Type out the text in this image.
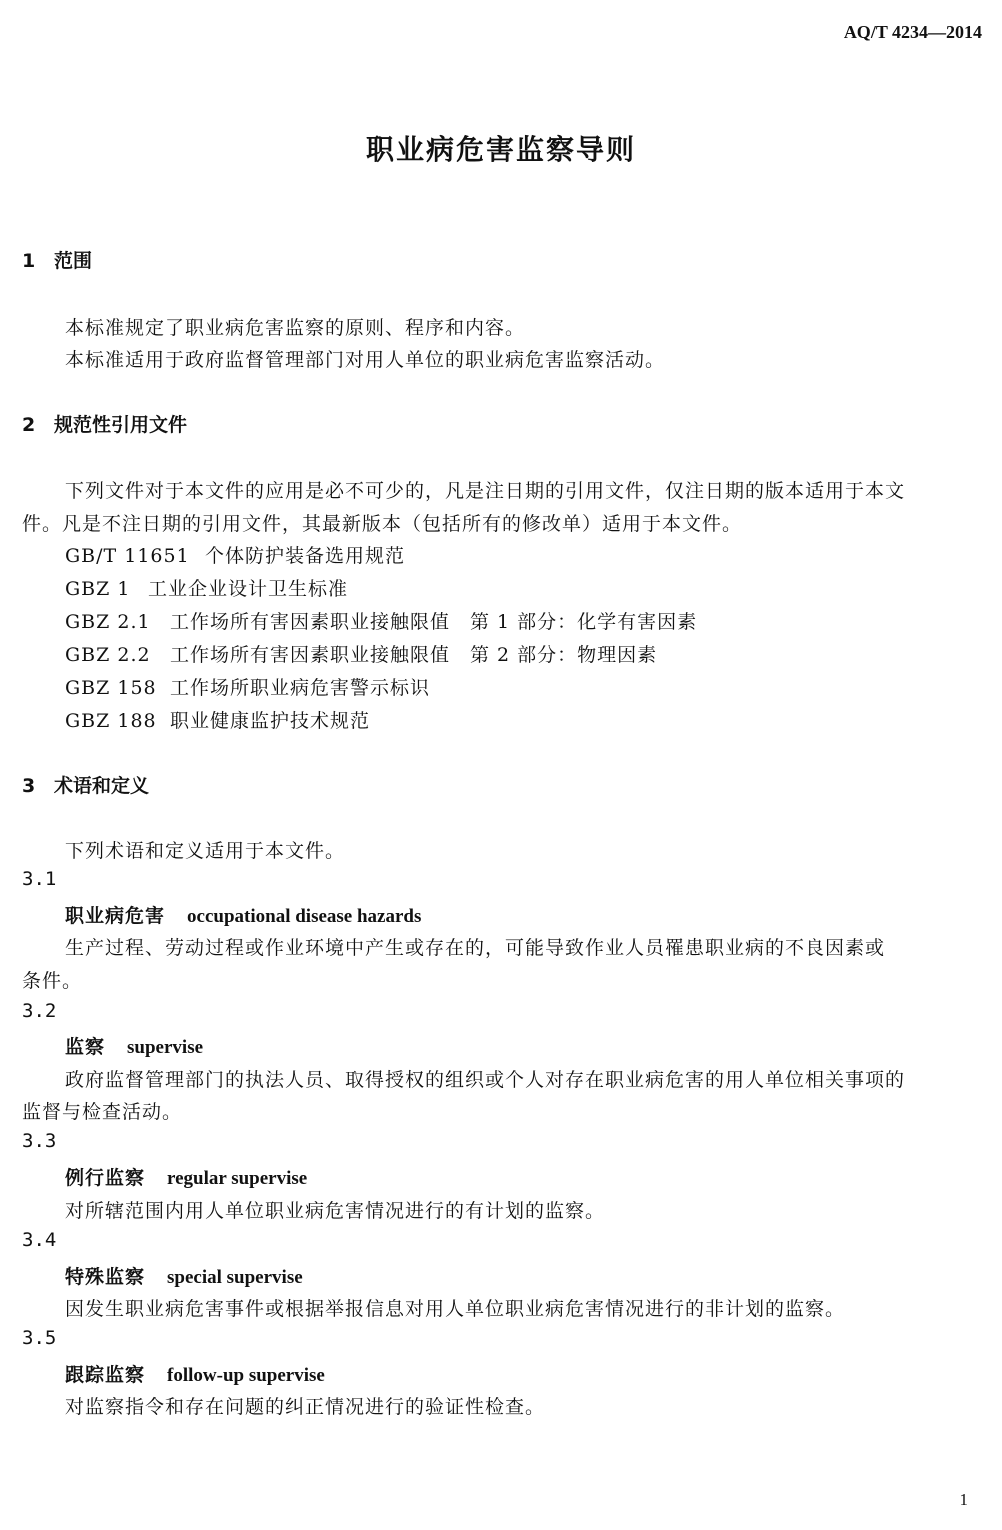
AQ/T 4234—2014
职业病危害监察导则
1 范围
本标准规定了职业病危害监察的原则、程序和内容。
本标准适用于政府监督管理部门对用人单位的职业病危害监察活动。
2 规范性引用文件
下列文件对于本文件的应用是必不可少的，凡是注日期的引用文件，仅注日期的版本适用于本文
件。凡是不注日期的引用文件，其最新版本（包括所有的修改单）适用于本文件。
GB/T 11651 个体防护装备选用规范
GBZ 1 工业企业设计卫生标准
GBZ 2.1 工作场所有害因素职业接触限值　第 1 部分：化学有害因素
GBZ 2.2 工作场所有害因素职业接触限值　第 2 部分：物理因素
GBZ 158 工作场所职业病危害警示标识
GBZ 188 职业健康监护技术规范
3 术语和定义
下列术语和定义适用于本文件。
3.1
职业病危害 occupational disease hazards
生产过程、劳动过程或作业环境中产生或存在的，可能导致作业人员罹患职业病的不良因素或
条件。
3.2
监察 supervise
政府监督管理部门的执法人员、取得授权的组织或个人对存在职业病危害的用人单位相关事项的
监督与检查活动。
3.3
例行监察 regular supervise
对所辖范围内用人单位职业病危害情况进行的有计划的监察。
3.4
特殊监察 special supervise
因发生职业病危害事件或根据举报信息对用人单位职业病危害情况进行的非计划的监察。
3.5
跟踪监察 follow-up supervise
对监察指令和存在问题的纠正情况进行的验证性检查。
1
